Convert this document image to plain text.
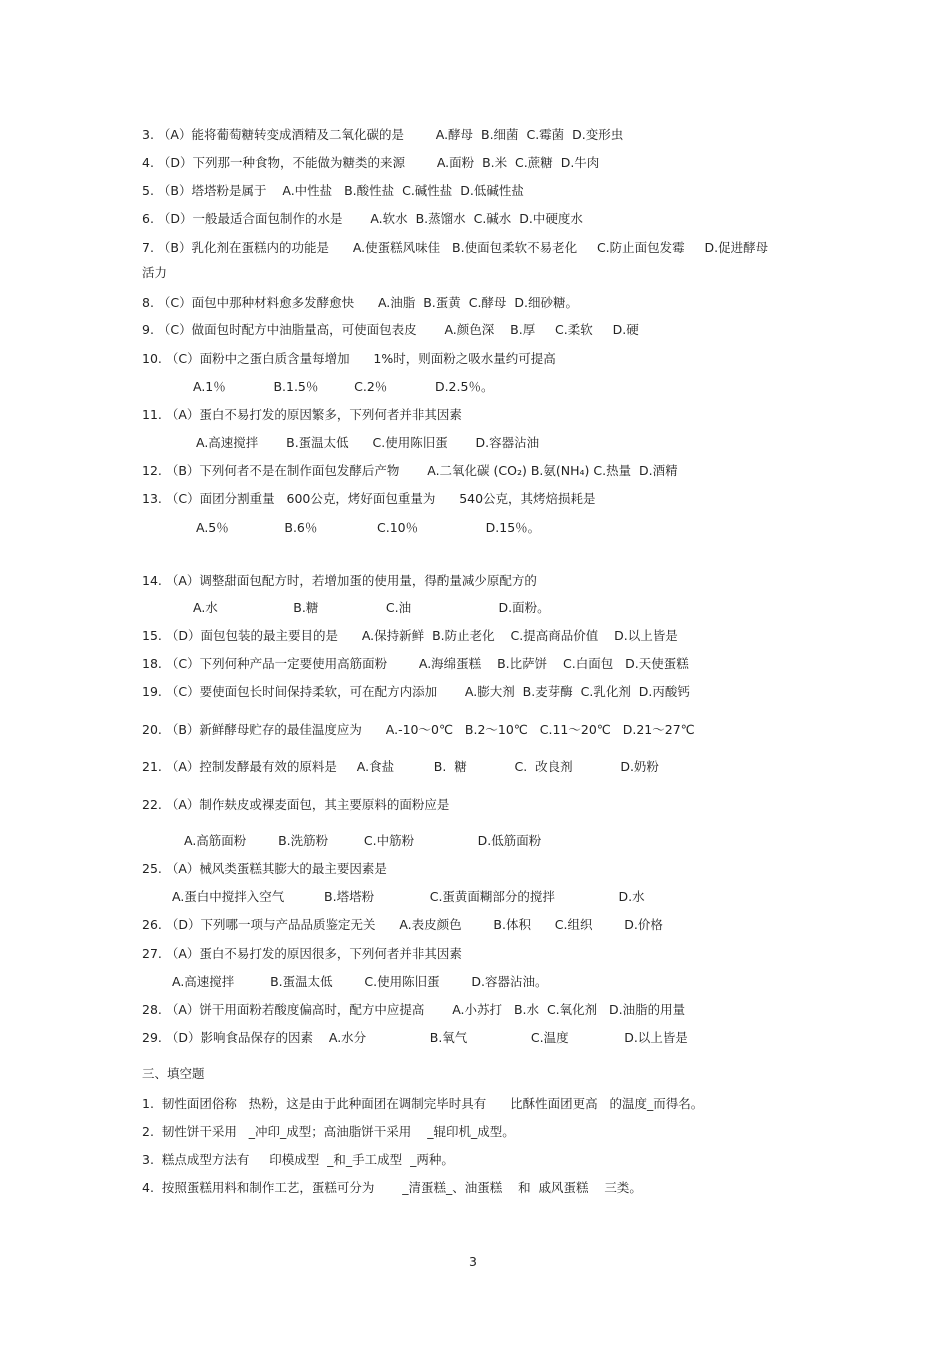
3. （A）能将葡萄糖转变成酒精及二氧化碳的是        A.酵母  B.细菌  C.霉菌  D.变形虫

4. （D）下列那一种食物，不能做为糖类的来源        A.面粉  B.米  C.蔗糖  D.牛肉

5. （B）塔塔粉是属于    A.中性盐   B.酸性盐  C.碱性盐  D.低碱性盐

6. （D）一般最适合面包制作的水是       A.软水  B.蒸馏水  C.碱水  D.中硬度水

7. （B）乳化剂在蛋糕内的功能是      A.使蛋糕风味佳   B.使面包柔软不易老化     C.防止面包发霉     D.促进酵母

活力

8. （C）面包中那种材料愈多发酵愈快      A.油脂  B.蛋黄  C.酵母  D.细砂糖。

9. （C）做面包时配方中油脂量高，可使面包表皮       A.颜色深    B.厚     C.柔软     D.硬

10. （C）面粉中之蛋白质含量每增加      1%时，则面粉之吸水量约可提高

A.1％            B.1.5％         C.2％            D.2.5％。

11. （A）蛋白不易打发的原因繁多，下列何者并非其因素

A.高速搅拌       B.蛋温太低      C.使用陈旧蛋       D.容器沾油

12. （B）下列何者不是在制作面包发酵后产物       A.二氧化碳 (CO₂) B.氨(NH₄) C.热量  D.酒精

13. （C）面团分割重量   600公克，烤好面包重量为      540公克，其烤焙损耗是

A.5％              B.6％               C.10％                 D.15％。

14. （A）调整甜面包配方时，若增加蛋的使用量，得酌量减少原配方的

A.水                   B.糖                 C.油                      D.面粉。

15. （D）面包包装的最主要目的是      A.保持新鲜  B.防止老化    C.提高商品价值    D.以上皆是

18. （C）下列何种产品一定要使用高筋面粉        A.海绵蛋糕    B.比萨饼    C.白面包   D.天使蛋糕

19. （C）要使面包长时间保持柔软，可在配方内添加       A.膨大剂  B.麦芽酶  C.乳化剂  D.丙酸钙

20. （B）新鲜酵母贮存的最佳温度应为      A.-10～0℃   B.2～10℃   C.11～20℃   D.21～27℃

21. （A）控制发酵最有效的原料是     A.食盐          B.  糖            C.  改良剂            D.奶粉

22. （A）制作麸皮或裸麦面包，其主要原料的面粉应是

A.高筋面粉        B.洗筋粉         C.中筋粉                D.低筋面粉

25. （A）械风类蛋糕其膨大的最主要因素是

A.蛋白中搅拌入空气          B.塔塔粉              C.蛋黄面糊部分的搅拌                D.水

26. （D）下列哪一项与产品品质鉴定无关      A.表皮颜色        B.体积      C.组织        D.价格

27. （A）蛋白不易打发的原因很多，下列何者并非其因素

A.高速搅拌         B.蛋温太低        C.使用陈旧蛋        D.容器沾油。

28. （A）饼干用面粉若酸度偏高时，配方中应提高       A.小苏打   B.水  C.氧化剂   D.油脂的用量

29. （D）影响食品保存的因素    A.水分                B.氧气                C.温度              D.以上皆是

三、填空题

1.  韧性面团俗称   热粉，这是由于此种面团在调制完毕时具有      比酥性面团更高   的温度_而得名。

2.  韧性饼干采用   _冲印_成型；高油脂饼干采用    _辊印机_成型。

3.  糕点成型方法有     印模成型  _和_手工成型  _两种。

4.  按照蛋糕用料和制作工艺，蛋糕可分为       _清蛋糕_、油蛋糕    和  戚风蛋糕    三类。

3
